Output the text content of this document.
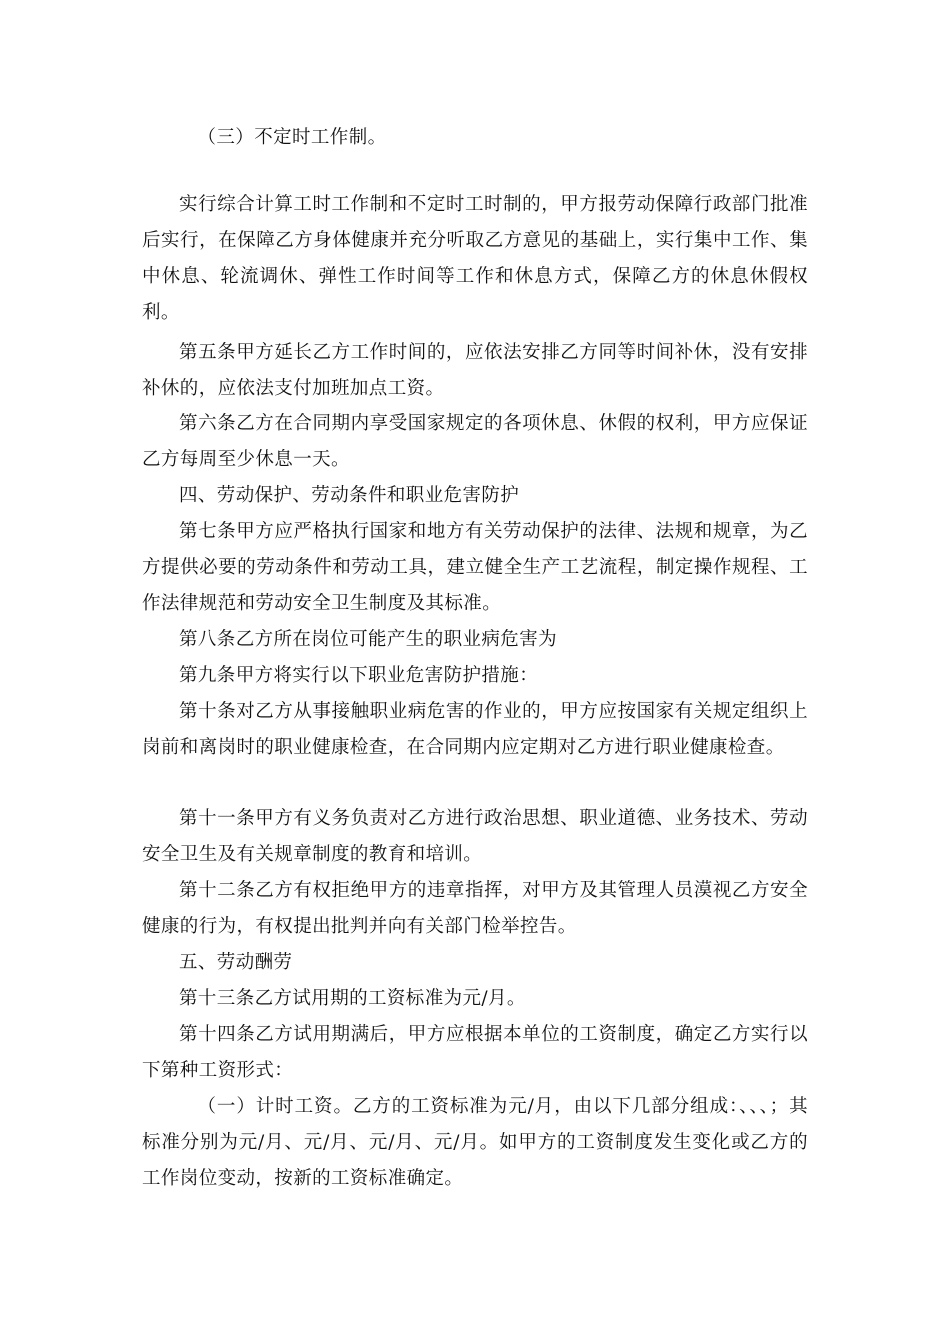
（三）不定时工作制。

实行综合计算工时工作制和不定时工时制的，甲方报劳动保障行政部门批准后实行，在保障乙方身体健康并充分听取乙方意见的基础上，实行集中工作、集中休息、轮流调休、弹性工作时间等工作和休息方式，保障乙方的休息休假权利。

第五条甲方延长乙方工作时间的，应依法安排乙方同等时间补休，没有安排补休的，应依法支付加班加点工资。

第六条乙方在合同期内享受国家规定的各项休息、休假的权利，甲方应保证乙方每周至少休息一天。

四、劳动保护、劳动条件和职业危害防护

第七条甲方应严格执行国家和地方有关劳动保护的法律、法规和规章，为乙方提供必要的劳动条件和劳动工具，建立健全生产工艺流程，制定操作规程、工作法律规范和劳动安全卫生制度及其标准。

第八条乙方所在岗位可能产生的职业病危害为

第九条甲方将实行以下职业危害防护措施：

第十条对乙方从事接触职业病危害的作业的，甲方应按国家有关规定组织上岗前和离岗时的职业健康检查，在合同期内应定期对乙方进行职业健康检查。

第十一条甲方有义务负责对乙方进行政治思想、职业道德、业务技术、劳动安全卫生及有关规章制度的教育和培训。

第十二条乙方有权拒绝甲方的违章指挥，对甲方及其管理人员漠视乙方安全健康的行为，有权提出批判并向有关部门检举控告。

五、劳动酬劳

第十三条乙方试用期的工资标准为元/月。

第十四条乙方试用期满后，甲方应根据本单位的工资制度，确定乙方实行以下第种工资形式：

（一）计时工资。乙方的工资标准为元/月，由以下几部分组成：、、、；其标准分别为元/月、元/月、元/月、元/月。如甲方的工资制度发生变化或乙方的工作岗位变动，按新的工资标准确定。
